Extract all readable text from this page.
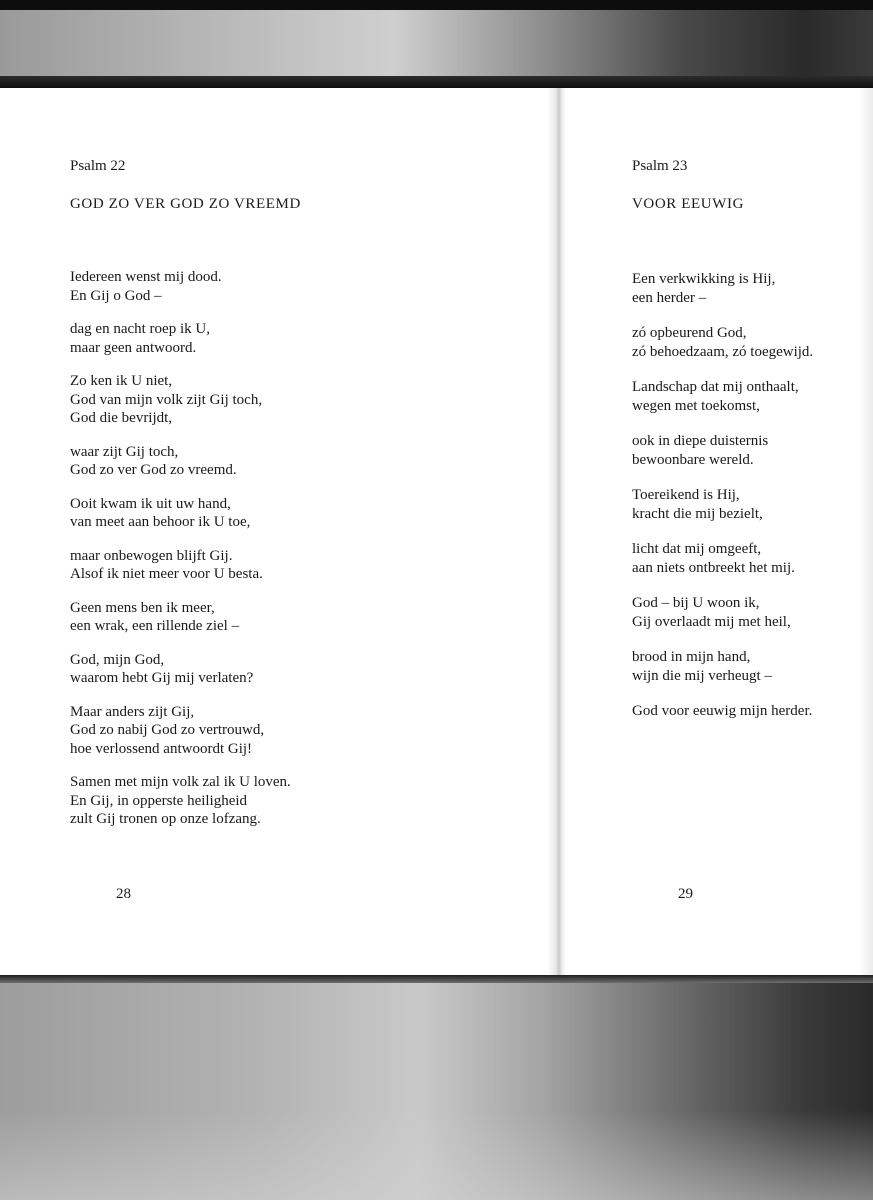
Psalm 22
GOD ZO VER GOD ZO VREEMD
Iedereen wenst mij dood.
En Gij o God –
dag en nacht roep ik U,
maar geen antwoord.
Zo ken ik U niet,
God van mijn volk zijt Gij toch,
God die bevrijdt,
waar zijt Gij toch,
God zo ver God zo vreemd.
Ooit kwam ik uit uw hand,
van meet aan behoor ik U toe,
maar onbewogen blijft Gij.
Alsof ik niet meer voor U besta.
Geen mens ben ik meer,
een wrak, een rillende ziel –
God, mijn God,
waarom hebt Gij mij verlaten?
Maar anders zijt Gij,
God zo nabij God zo vertrouwd,
hoe verlossend antwoordt Gij!
Samen met mijn volk zal ik U loven.
En Gij, in opperste heiligheid
zult Gij tronen op onze lofzang.
28
Psalm 23
VOOR EEUWIG
Een verkwikking is Hij,
een herder –
zó opbeurend God,
zó behoedzaam, zó toegewijd.
Landschap dat mij onthaalt,
wegen met toekomst,
ook in diepe duisternis
bewoonbare wereld.
Toereikend is Hij,
kracht die mij bezielt,
licht dat mij omgeeft,
aan niets ontbreekt het mij.
God – bij U woon ik,
Gij overlaadt mij met heil,
brood in mijn hand,
wijn die mij verheugt –
God voor eeuwig mijn herder.
29
